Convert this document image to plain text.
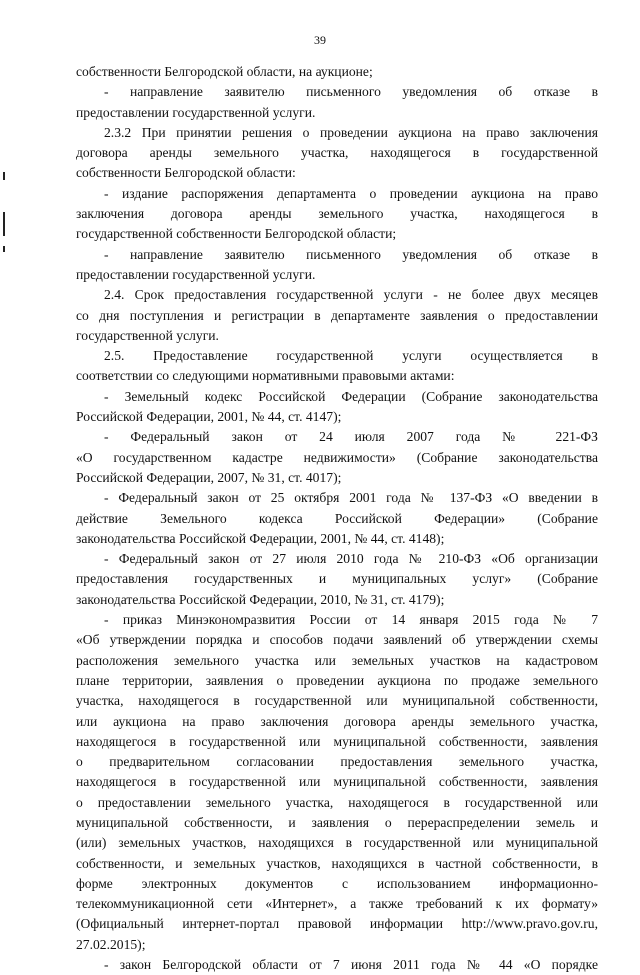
39
собственности Белгородской области, на аукционе;
- направление заявителю письменного уведомления об отказе в
предоставлении государственной услуги.
2.3.2 При принятии решения о проведении аукциона на право заключения
договора аренды земельного участка, находящегося в государственной
собственности Белгородской области:
- издание распоряжения департамента о проведении аукциона на право
заключения договора аренды земельного участка, находящегося в
государственной собственности Белгородской области;
- направление заявителю письменного уведомления об отказе в
предоставлении государственной услуги.
2.4. Срок предоставления государственной услуги - не более двух месяцев
со дня поступления и регистрации в департаменте заявления о предоставлении
государственной услуги.
2.5. Предоставление государственной услуги осуществляется в
соответствии со следующими нормативными правовыми актами:
- Земельный кодекс Российской Федерации (Собрание законодательства
Российской Федерации, 2001, № 44, ст. 4147);
- Федеральный закон от 24 июля 2007 года № 221-ФЗ
«О государственном кадастре недвижимости» (Собрание законодательства
Российской Федерации, 2007, № 31, ст. 4017);
- Федеральный закон от 25 октября 2001 года № 137-ФЗ «О введении в
действие Земельного кодекса Российской Федерации» (Собрание
законодательства Российской Федерации, 2001, № 44, ст. 4148);
- Федеральный закон от 27 июля 2010 года № 210-ФЗ «Об организации
предоставления государственных и муниципальных услуг» (Собрание
законодательства Российской Федерации, 2010, № 31, ст. 4179);
- приказ Минэкономразвития России от 14 января 2015 года № 7
«Об утверждении порядка и способов подачи заявлений об утверждении схемы
расположения земельного участка или земельных участков на кадастровом
плане территории, заявления о проведении аукциона по продаже земельного
участка, находящегося в государственной или муниципальной собственности,
или аукциона на право заключения договора аренды земельного участка,
находящегося в государственной или муниципальной собственности, заявления
о предварительном согласовании предоставления земельного участка,
находящегося в государственной или муниципальной собственности, заявления
о предоставлении земельного участка, находящегося в государственной или
муниципальной собственности, и заявления о перераспределении земель и
(или) земельных участков, находящихся в государственной или муниципальной
собственности, и земельных участков, находящихся в частной собственности, в
форме электронных документов с использованием информационно-
телекоммуникационной сети «Интернет», а также требований к их формату»
(Официальный интернет-портал правовой информации http://www.pravo.gov.ru,
27.02.2015);
- закон Белгородской области от 7 июня 2011 года № 44 «О порядке
